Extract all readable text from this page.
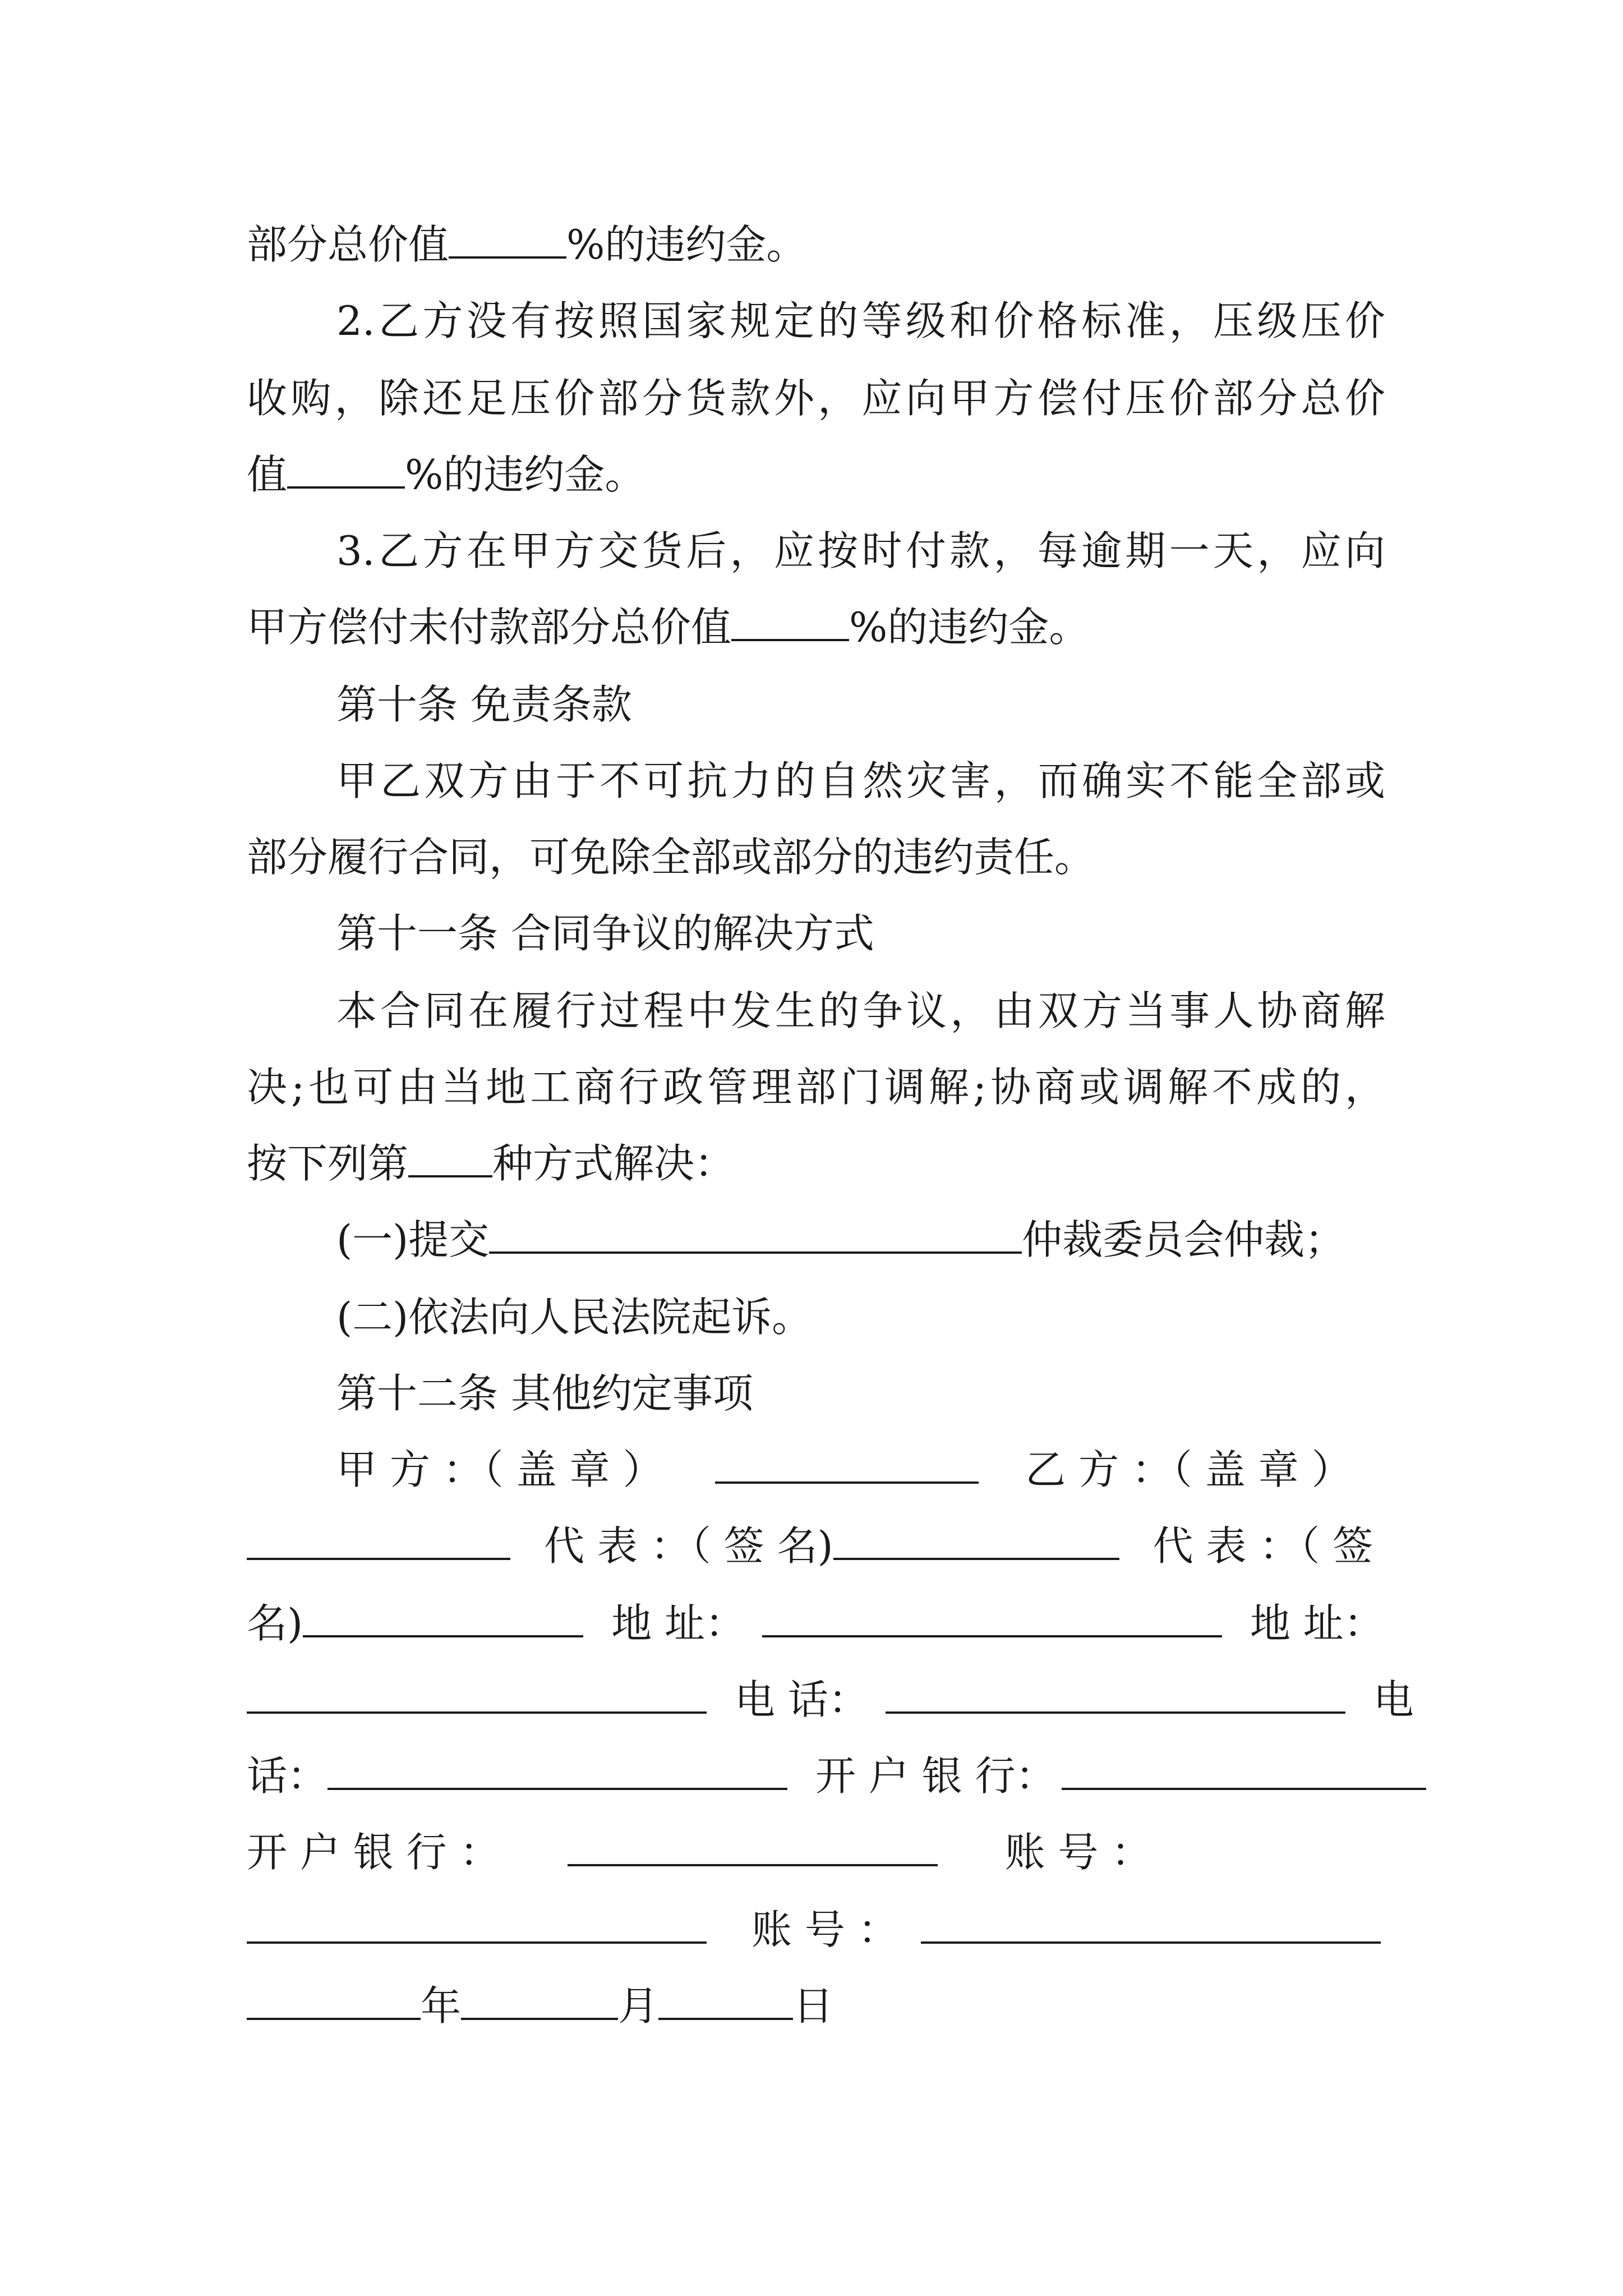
部分总价值	%的违约金。
2.乙方没有按照国家规定的等级和价格标准，压级压价
收购，除还足压价部分货款外，应向甲方偿付压价部分总价
值	%的违约金。
3.乙方在甲方交货后，应按时付款，每逾期一天，应向
甲方偿付未付款部分总价值	%的违约金。
第十条 免责条款
甲乙双方由于不可抗力的自然灾害，而确实不能全部或
部分履行合同，可免除全部或部分的违约责任。
第十一条 合同争议的解决方式
本合同在履行过程中发生的争议，由双方当事人协商解
决;也可由当地工商行政管理部门调解;协商或调解不成的，
按下列第 种方式解决：
(一)提交	仲裁委员会仲裁；
(二)依法向人民法院起诉。
第十二条 其他约定事项
甲 方 ：（ 盖 章 ）	乙 方 ：（ 盖 章 ）
代 表 ：（ 签 名)	代 表 ：（ 签
名)	地 址：	地 址：
电 话：	电
话：	开 户 银 行：
开 户 银 行 ：	账 号 ：
账 号 ：
年	月	日
